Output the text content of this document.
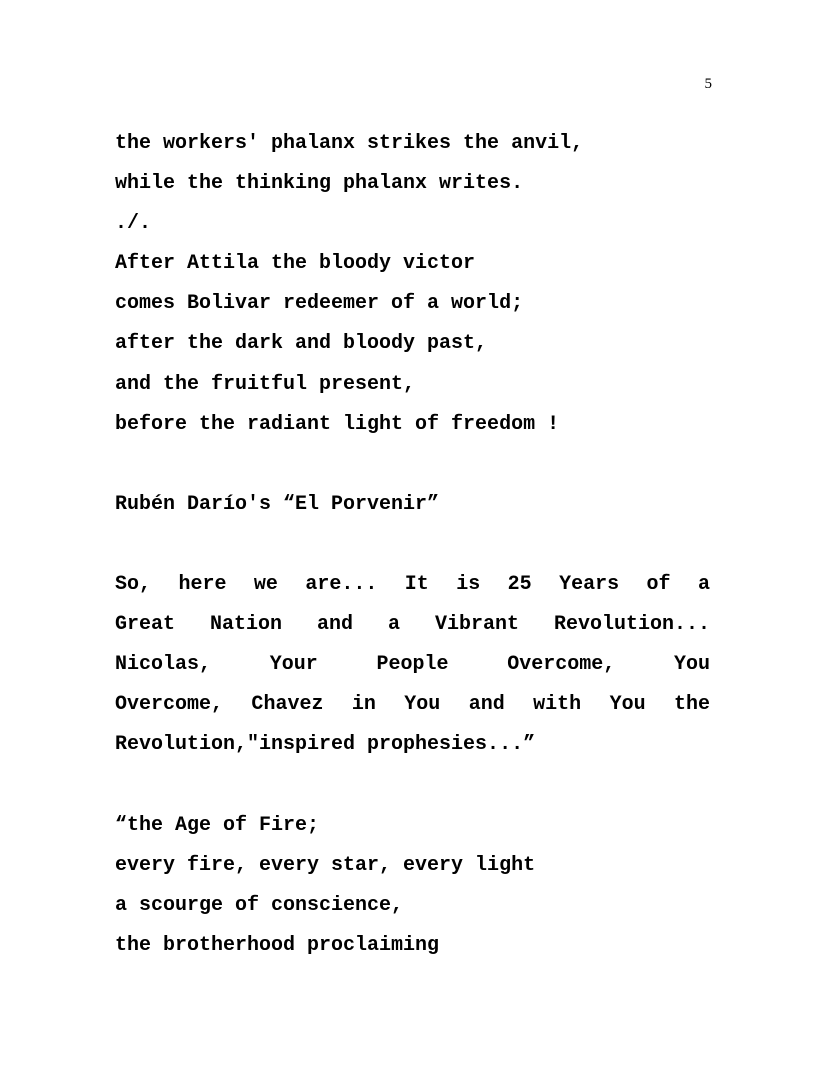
5
the workers' phalanx strikes the anvil,
while the thinking phalanx writes.
./.
After Attila the bloody victor
comes Bolivar redeemer of a world;
after the dark and bloody past,
and the fruitful present,
before the radiant light of freedom !
Rubén Darío's “El Porvenir”
So, here we are... It is 25 Years of a
Great Nation and a Vibrant Revolution...
Nicolas, Your People Overcome, You
Overcome, Chavez in You and with You the
Revolution,"inspired prophesies...”
“the Age of Fire;
every fire, every star, every light
a scourge of conscience,
the brotherhood proclaiming
